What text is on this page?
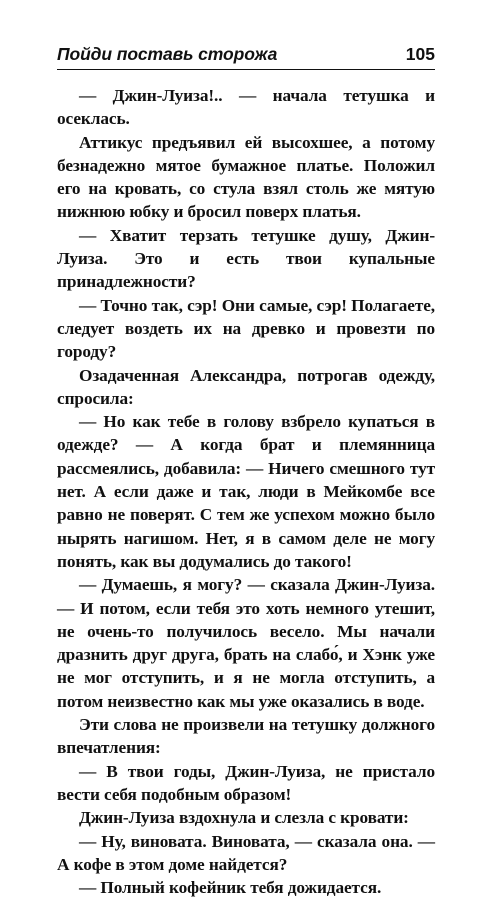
Пойди поставь сторожа	105

— Джин-Луиза!.. — начала тетушка и осеклась.

Аттикус предъявил ей высохшее, а потому безнадежно мятое бумажное платье. Положил его на кровать, со стула взял столь же мятую нижнюю юбку и бросил поверх платья.

— Хватит терзать тетушке душу, Джин-Луиза. Это и есть твои купальные принадлежности?

— Точно так, сэр! Они самые, сэр! Полагаете, следует воздеть их на древко и провезти по городу?

Озадаченная Александра, потрогав одежду, спросила:

— Но как тебе в голову взбрело купаться в одежде? — А когда брат и племянница рассмеялись, добавила: — Ничего смешного тут нет. А если даже и так, люди в Мейкомбе все равно не поверят. С тем же успехом можно было нырять нагишом. Нет, я в самом деле не могу понять, как вы додумались до такого!

— Думаешь, я могу? — сказала Джин-Луиза. — И потом, если тебя это хоть немного утешит, не очень-то получилось весело. Мы начали дразнить друг друга, брать на слабо́, и Хэнк уже не мог отступить, и я не могла отступить, а потом неизвестно как мы уже оказались в воде.

Эти слова не произвели на тетушку должного впечатления:

— В твои годы, Джин-Луиза, не пристало вести себя подобным образом!

Джин-Луиза вздохнула и слезла с кровати:

— Ну, виновата. Виновата, — сказала она. — А кофе в этом доме найдется?

— Полный кофейник тебя дожидается.
